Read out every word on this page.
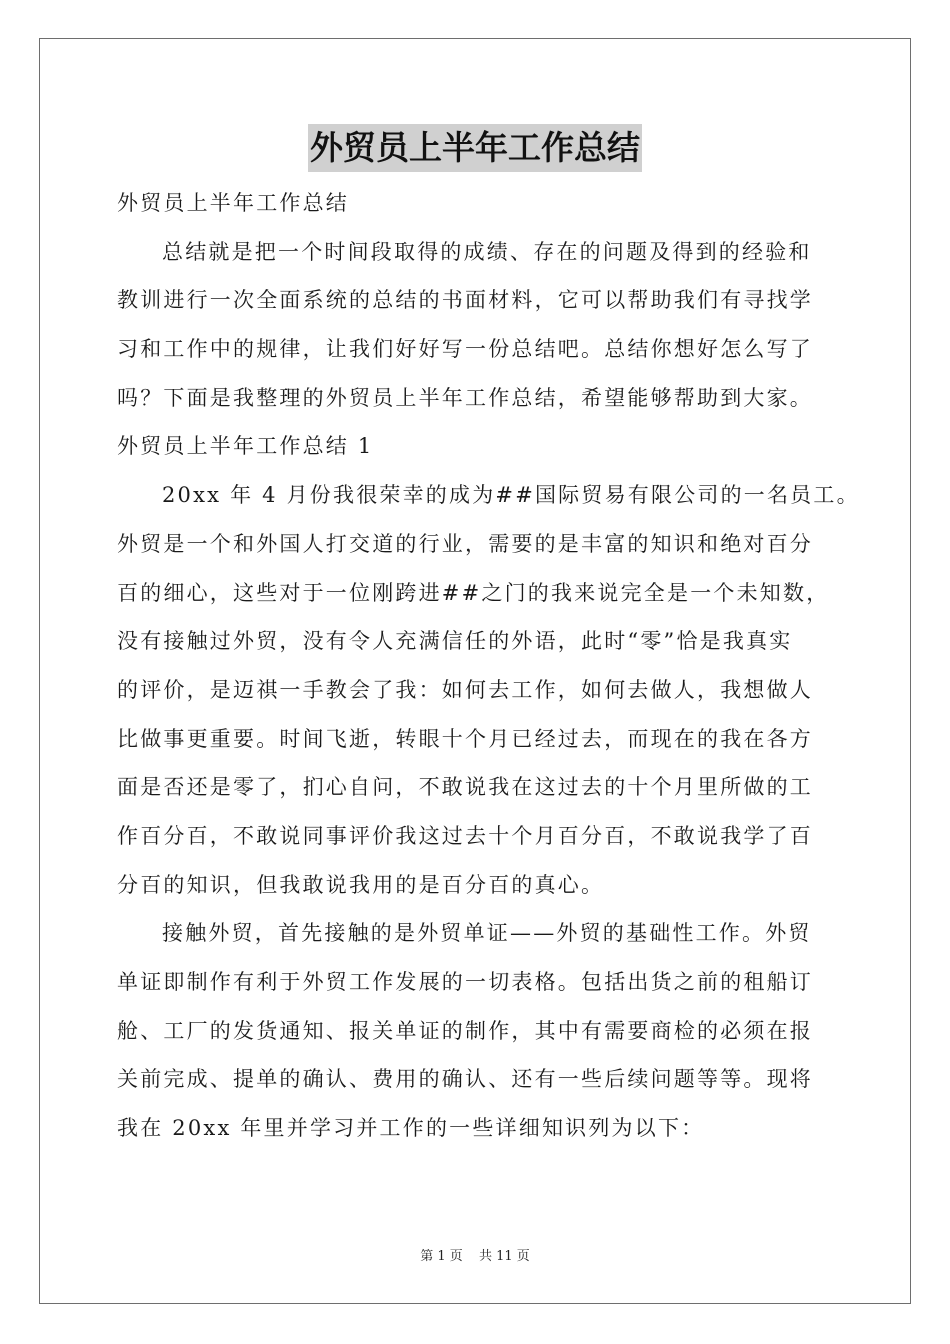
外贸员上半年工作总结
外贸员上半年工作总结
总结就是把一个时间段取得的成绩、存在的问题及得到的经验和
教训进行一次全面系统的总结的书面材料，它可以帮助我们有寻找学
习和工作中的规律，让我们好好写一份总结吧。总结你想好怎么写了
吗？下面是我整理的外贸员上半年工作总结，希望能够帮助到大家。
外贸员上半年工作总结 1
20xx 年 4 月份我很荣幸的成为##国际贸易有限公司的一名员工。
外贸是一个和外国人打交道的行业，需要的是丰富的知识和绝对百分
百的细心，这些对于一位刚跨进##之门的我来说完全是一个未知数，
没有接触过外贸，没有令人充满信任的外语，此时“零”恰是我真实
的评价，是迈祺一手教会了我：如何去工作，如何去做人，我想做人
比做事更重要。时间飞逝，转眼十个月已经过去，而现在的我在各方
面是否还是零了，扪心自问，不敢说我在这过去的十个月里所做的工
作百分百，不敢说同事评价我这过去十个月百分百，不敢说我学了百
分百的知识，但我敢说我用的是百分百的真心。
接触外贸，首先接触的是外贸单证——外贸的基础性工作。外贸
单证即制作有利于外贸工作发展的一切表格。包括出货之前的租船订
舱、工厂的发货通知、报关单证的制作，其中有需要商检的必须在报
关前完成、提单的确认、费用的确认、还有一些后续问题等等。现将
我在 20xx 年里并学习并工作的一些详细知识列为以下：
第 1 页 共 11 页
